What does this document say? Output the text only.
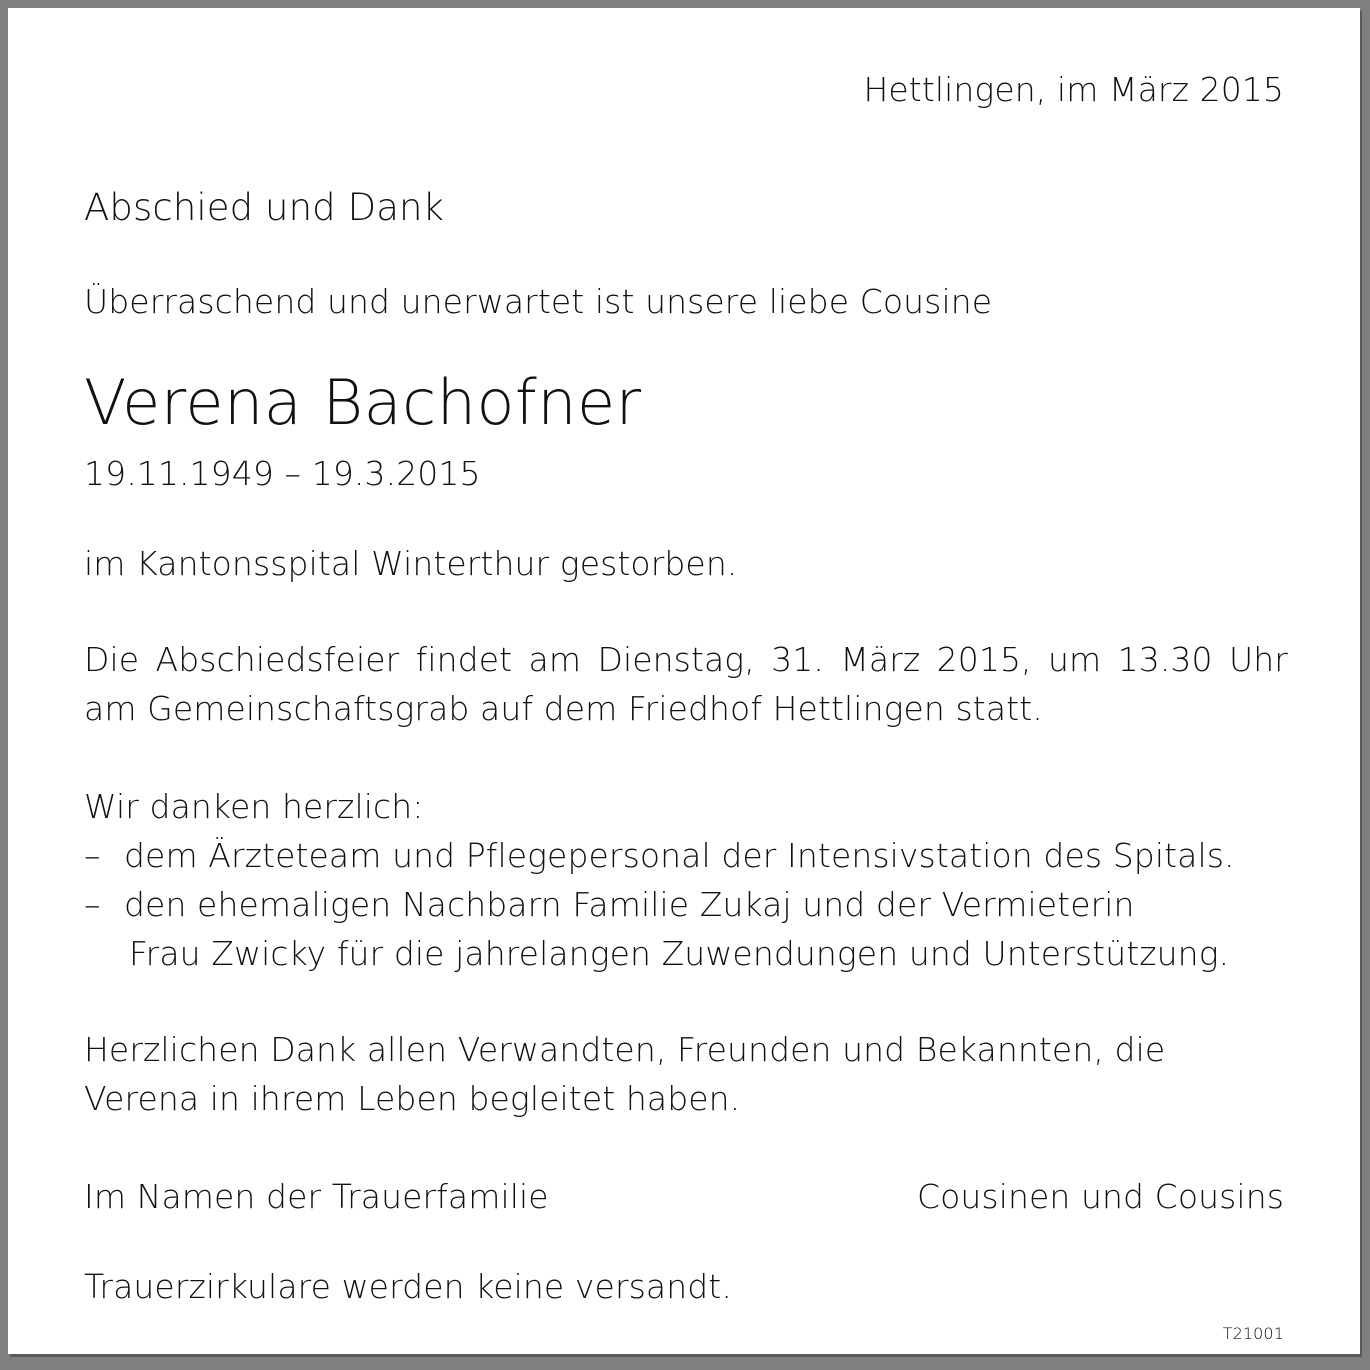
Hettlingen, im März 2015
Abschied und Dank
Überraschend und unerwartet ist unsere liebe Cousine
Verena Bachofner
19.11.1949 – 19.3.2015
im Kantonsspital Winterthur gestorben.
Die Abschiedsfeier findet am Dienstag, 31. März 2015, um 13.30 Uhr
am Gemeinschaftsgrab auf dem Friedhof Hettlingen statt.
Wir danken herzlich:
– dem Ärzteteam und Pflegepersonal der Intensivstation des Spitals.
– den ehemaligen Nachbarn Familie Zukaj und der Vermieterin
Frau Zwicky für die jahrelangen Zuwendungen und Unterstützung.
Herzlichen Dank allen Verwandten, Freunden und Bekannten, die
Verena in ihrem Leben begleitet haben.
Im Namen der Trauerfamilie	Cousinen und Cousins
Trauerzirkulare werden keine versandt.
T21001
